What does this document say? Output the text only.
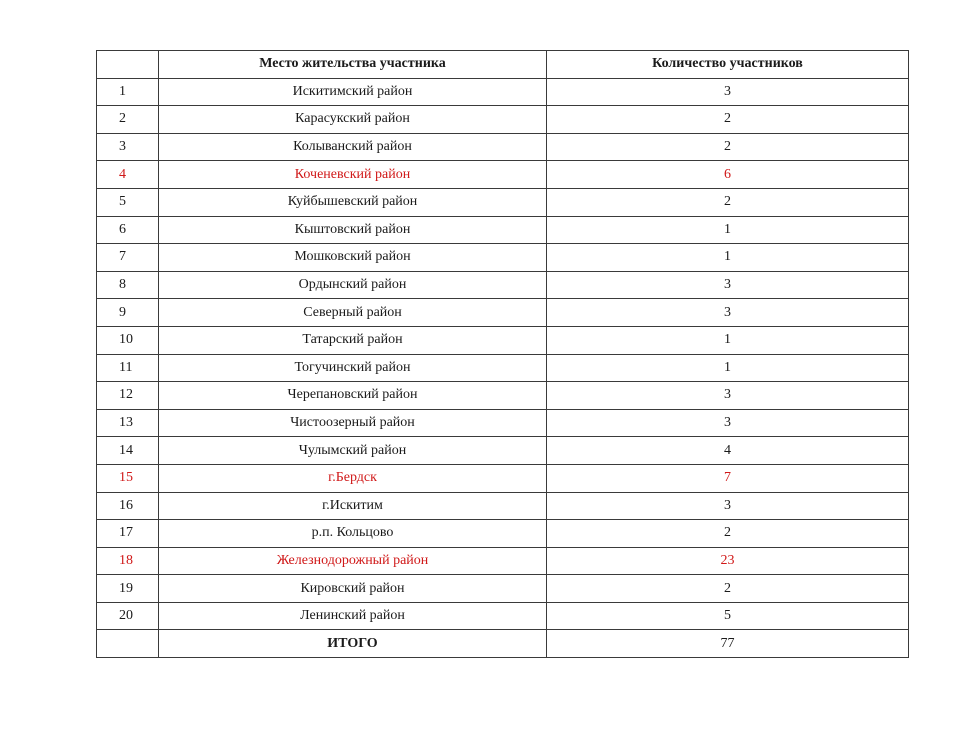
	Место жительства участника	Количество участников
1	Искитимский район	3
2	Карасукский район	2
3	Колыванский район	2
4	Коченевский район	6
5	Куйбышевский район	2
6	Кыштовский район	1
7	Мошковский район	1
8	Ордынский район	3
9	Северный район	3
10	Татарский район	1
11	Тогучинский район	1
12	Черепановский район	3
13	Чистоозерный район	3
14	Чулымский район	4
15	г.Бердск	7
16	г.Искитим	3
17	р.п. Кольцово	2
18	Железнодорожный район	23
19	Кировский район	2
20	Ленинский район	5
	ИТОГО	77
